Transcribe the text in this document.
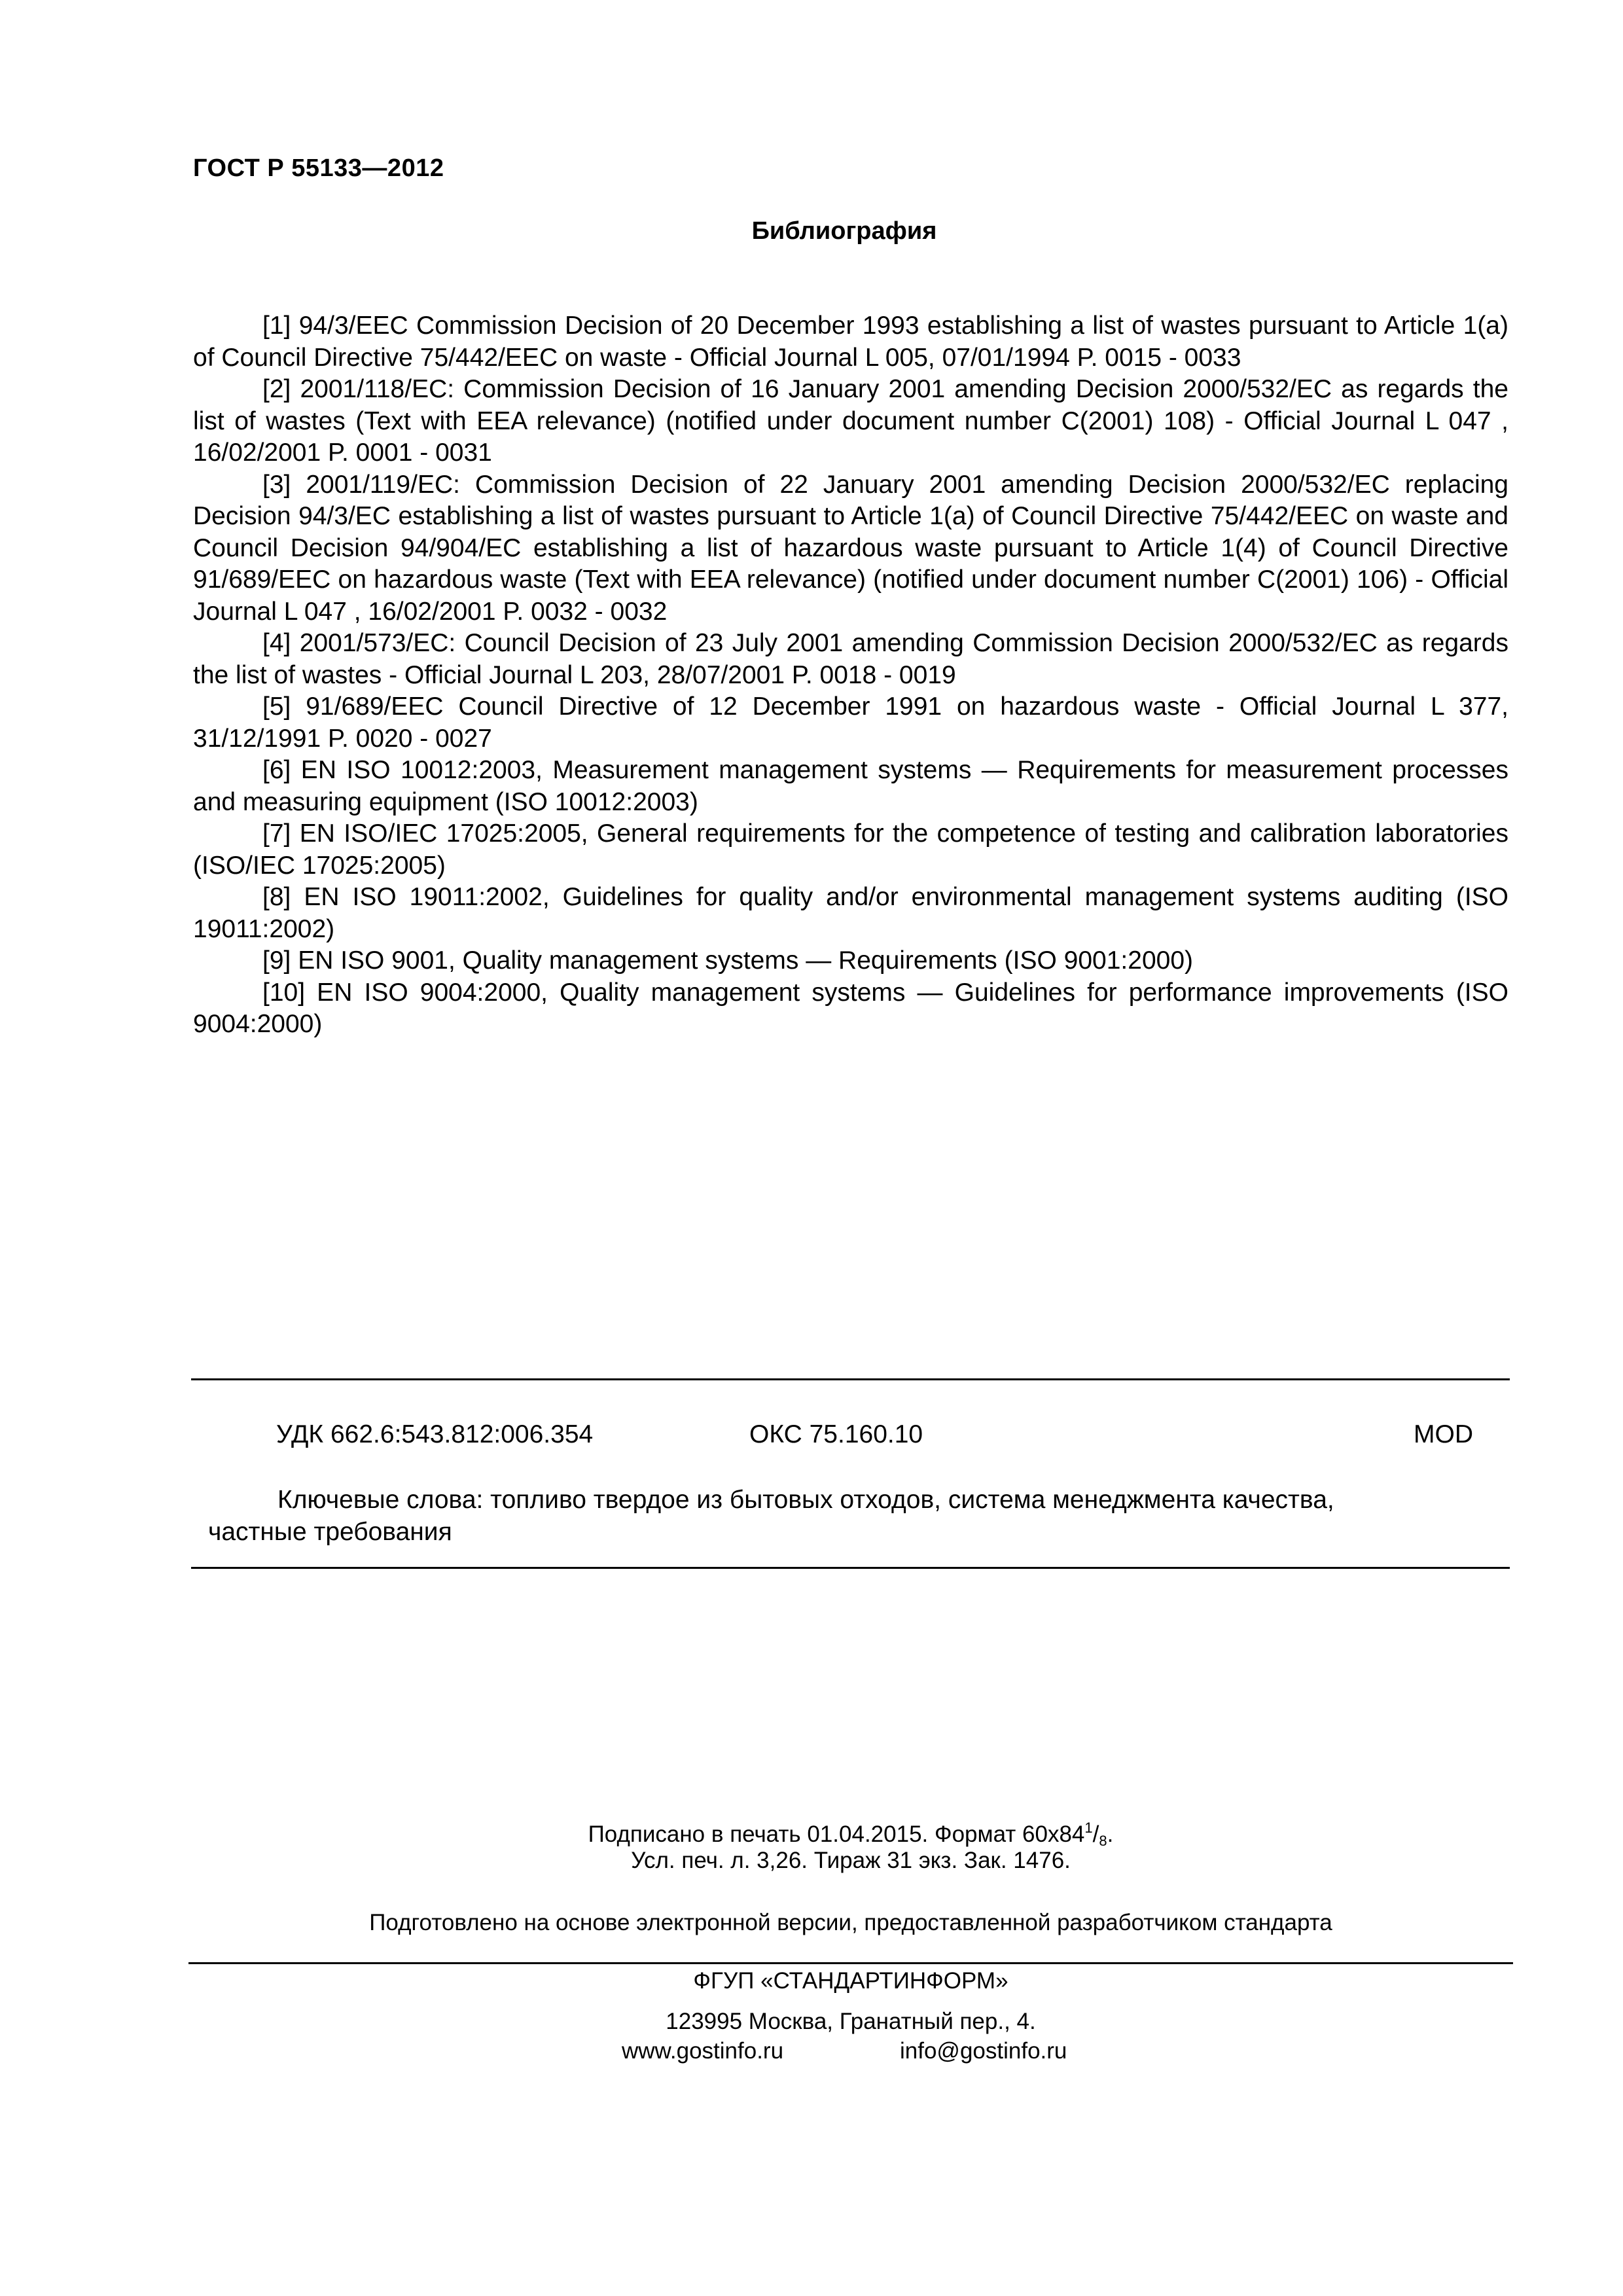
ГОСТ Р 55133—2012
Библиография

[1] 94/3/EEC Commission Decision of 20 December 1993 establishing a list of wastes pursuant to Article 1(a) of Council Directive 75/442/EEC on waste - Official Journal L 005, 07/01/1994 P. 0015 - 0033

[2] 2001/118/EC: Commission Decision of 16 January 2001 amending Decision 2000/532/EC as regards the list of wastes (Text with EEA relevance) (notified under document number C(2001) 108) - Official Journal L 047 , 16/02/2001 P. 0001 - 0031

[3] 2001/119/EC: Commission Decision of 22 January 2001 amending Decision 2000/532/EC replacing Decision 94/3/EC establishing a list of wastes pursuant to Article 1(a) of Council Directive 75/442/EEC on waste and Council Decision 94/904/EC establishing a list of hazardous waste pursuant to Article 1(4) of Council Directive 91/689/EEC on hazardous waste (Text with EEA relevance) (notified under document number C(2001) 106) - Official Journal L 047 , 16/02/2001 P. 0032 - 0032

[4] 2001/573/EC: Council Decision of 23 July 2001 amending Commission Decision 2000/532/EC as regards the list of wastes - Official Journal L 203, 28/07/2001 P. 0018 - 0019

[5] 91/689/EEC Council Directive of 12 December 1991 on hazardous waste - Official Journal L 377, 31/12/1991 P. 0020 - 0027

[6] EN ISO 10012:2003, Measurement management systems — Requirements for measurement processes and measuring equipment (ISO 10012:2003)

[7] EN ISO/IEC 17025:2005, General requirements for the competence of testing and calibration laboratories (ISO/IEC 17025:2005)

[8] EN ISO 19011:2002, Guidelines for quality and/or environmental management systems auditing (ISO 19011:2002)

[9] EN ISO 9001, Quality management systems — Requirements (ISO 9001:2000)

[10] EN ISO 9004:2000, Quality management systems — Guidelines for performance improvements (ISO 9004:2000)

УДК 662.6:543.812:006.354	ОКС 75.160.10	MOD

Ключевые слова: топливо твердое из бытовых отходов, система менеджмента качества,

частные требования
Подписано в печать 01.04.2015. Формат $60x84^1/_8$.
Усл. печ. л. 3,26. Тираж 31 экз. Зак. 1476.
Подготовлено на основе электронной версии, предоставленной разработчиком стандарта
ФГУП «СТАНДАРТИНФОРМ»
123995 Москва, Гранатный пер., 4.
www.gostinfo.ru	info@gostinfo.ru
